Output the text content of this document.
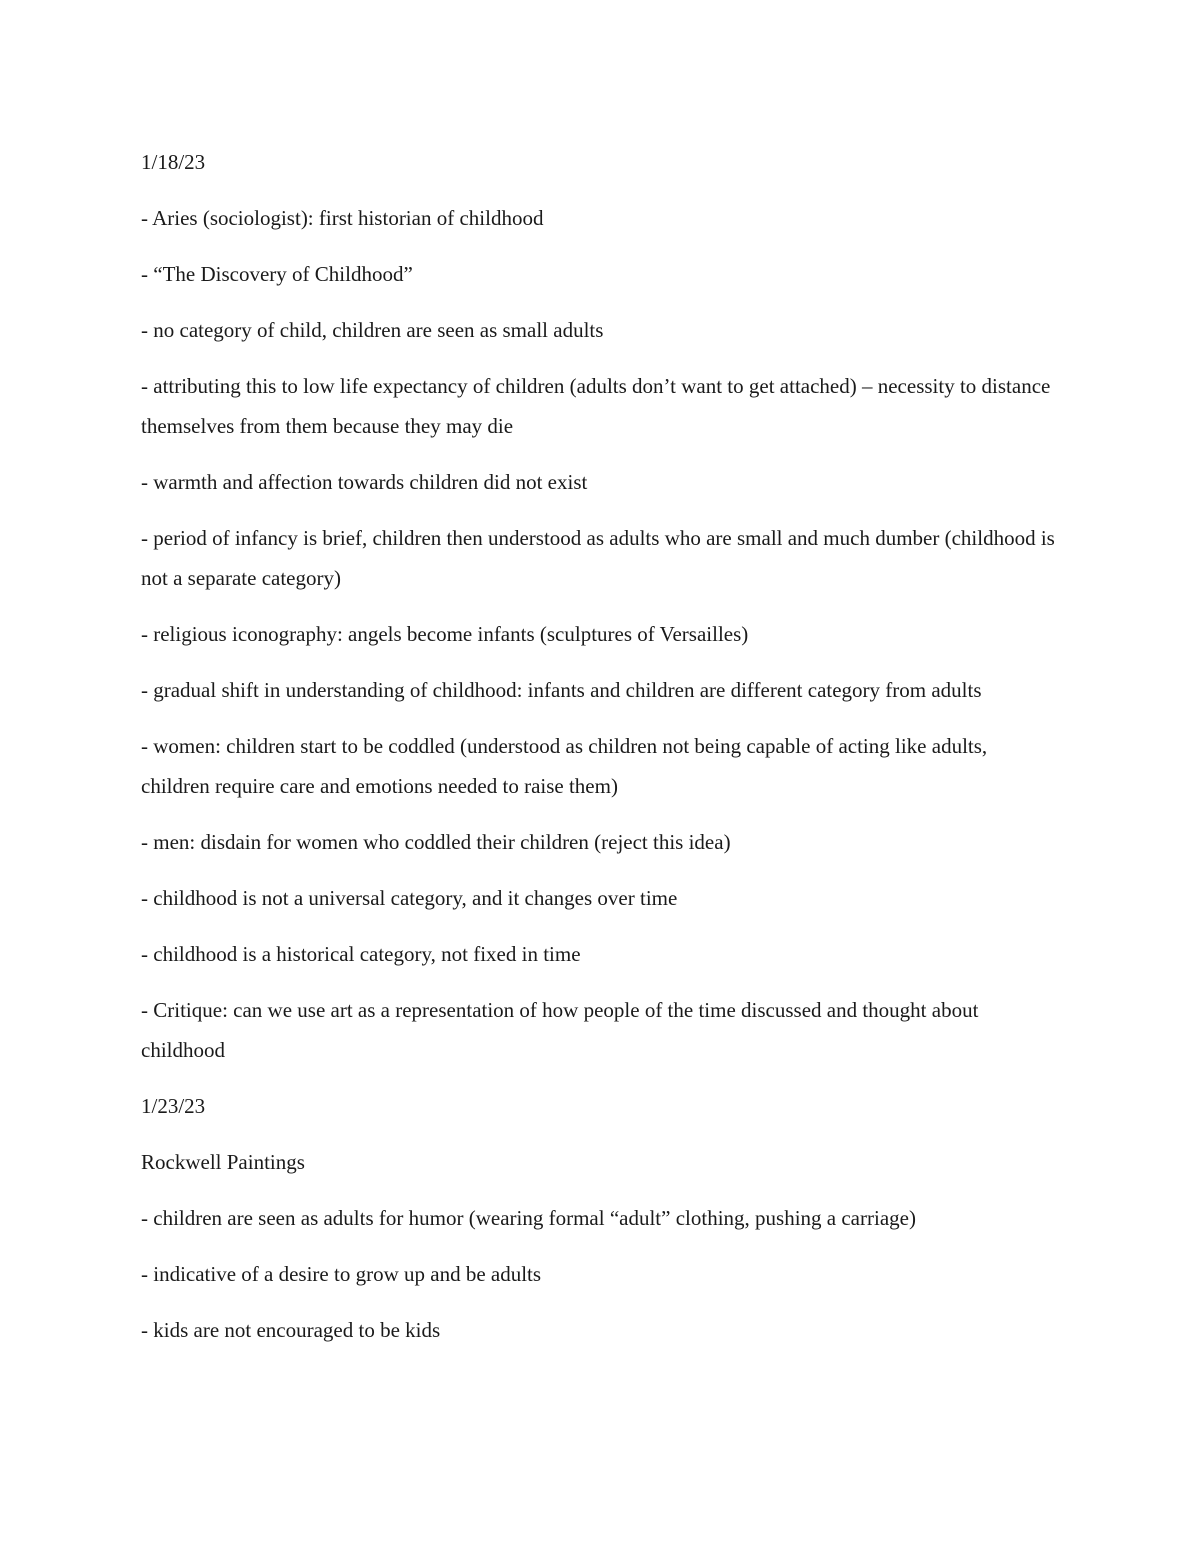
1/18/23

- Aries (sociologist): first historian of childhood

- “The Discovery of Childhood”

- no category of child, children are seen as small adults

- attributing this to low life expectancy of children (adults don’t want to get attached) – necessity to distance themselves from them because they may die

- warmth and affection towards children did not exist

- period of infancy is brief, children then understood as adults who are small and much dumber (childhood is not a separate category)

- religious iconography: angels become infants (sculptures of Versailles)

- gradual shift in understanding of childhood: infants and children are different category from adults

- women: children start to be coddled (understood as children not being capable of acting like adults, children require care and emotions needed to raise them)

- men: disdain for women who coddled their children (reject this idea)

- childhood is not a universal category, and it changes over time

- childhood is a historical category, not fixed in time

- Critique: can we use art as a representation of how people of the time discussed and thought about childhood

1/23/23

Rockwell Paintings

- children are seen as adults for humor (wearing formal “adult” clothing, pushing a carriage)

- indicative of a desire to grow up and be adults

- kids are not encouraged to be kids
